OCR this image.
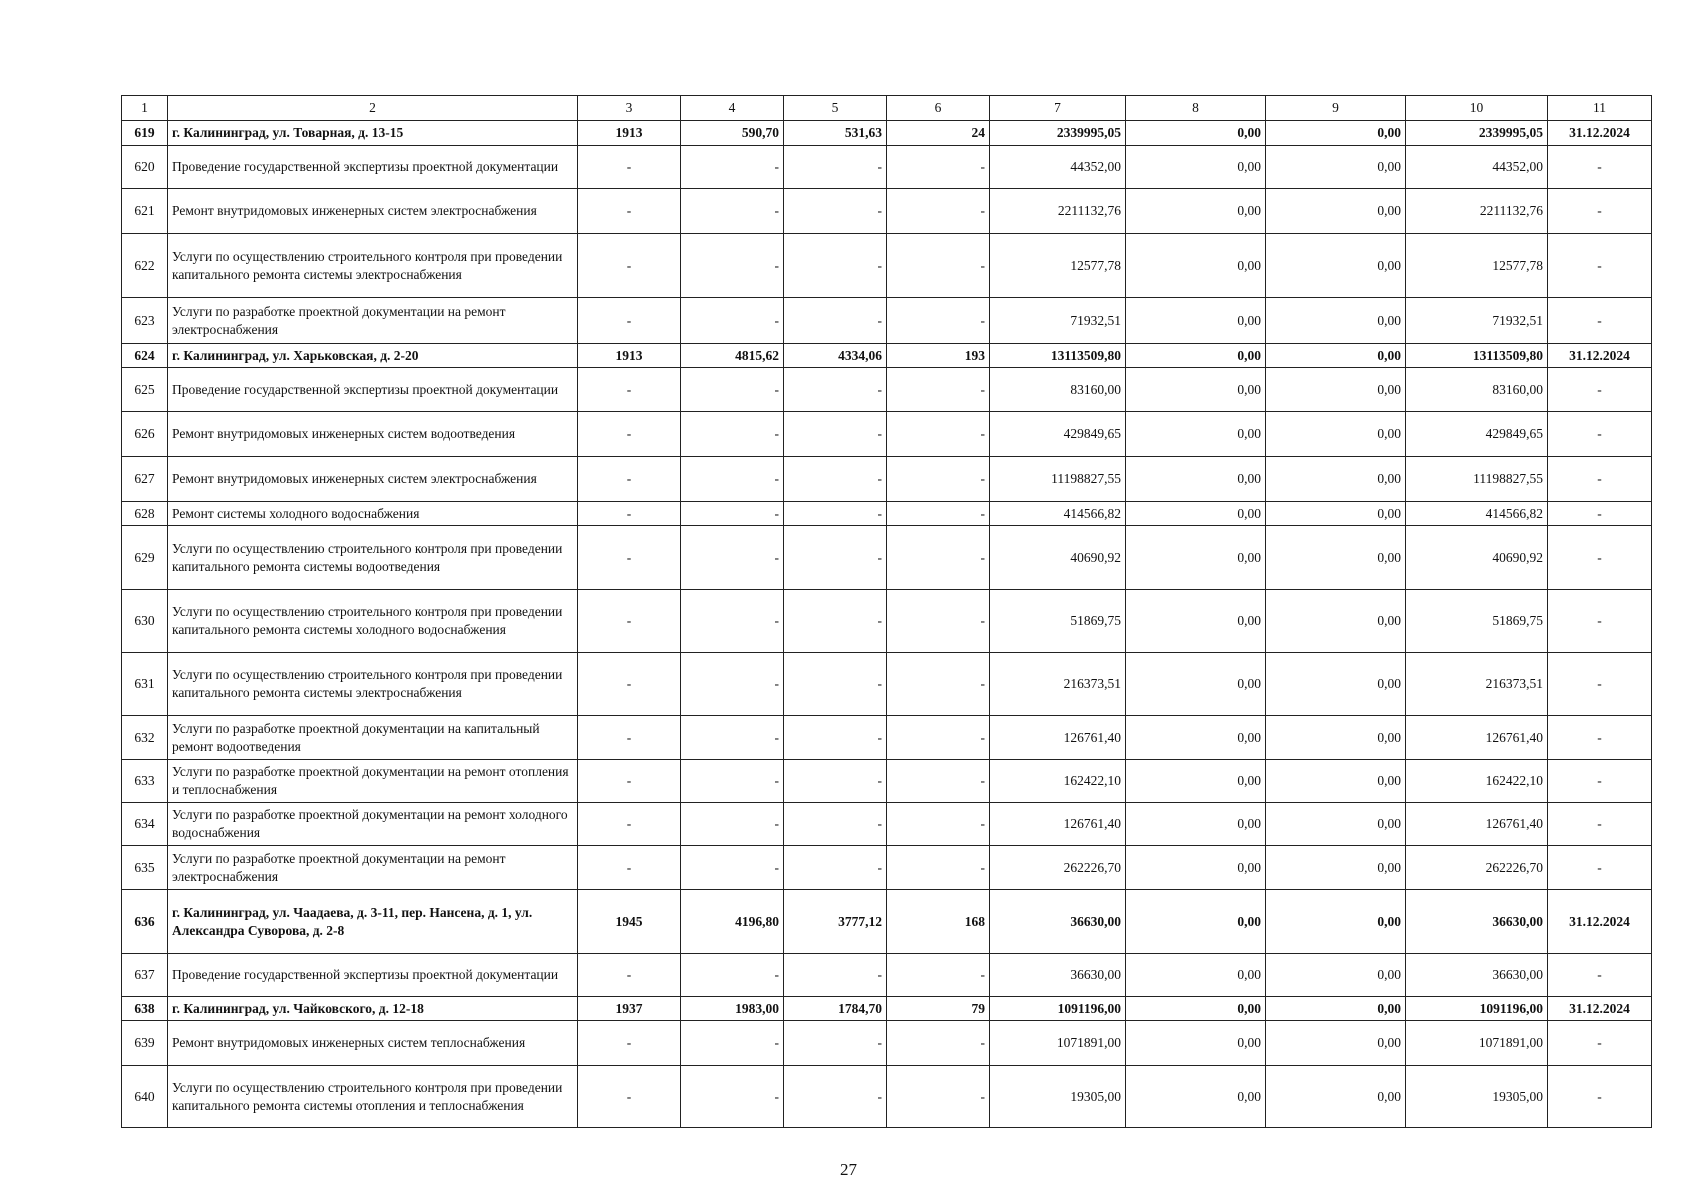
1	2	3	4	5	6	7	8	9	10	11
619	г. Калининград, ул. Товарная, д. 13-15	1913	590,70	531,63	24	2339995,05	0,00	0,00	2339995,05	31.12.2024
620	Проведение государственной экспертизы проектной документации	-	-	-	-	44352,00	0,00	0,00	44352,00	-
621	Ремонт внутридомовых инженерных систем электроснабжения	-	-	-	-	2211132,76	0,00	0,00	2211132,76	-
622	Услуги по осуществлению строительного контроля при проведении капитального ремонта системы электроснабжения	-	-	-	-	12577,78	0,00	0,00	12577,78	-
623	Услуги по разработке проектной документации на ремонт электроснабжения	-	-	-	-	71932,51	0,00	0,00	71932,51	-
624	г. Калининград, ул. Харьковская, д. 2-20	1913	4815,62	4334,06	193	13113509,80	0,00	0,00	13113509,80	31.12.2024
625	Проведение государственной экспертизы проектной документации	-	-	-	-	83160,00	0,00	0,00	83160,00	-
626	Ремонт внутридомовых инженерных систем водоотведения	-	-	-	-	429849,65	0,00	0,00	429849,65	-
627	Ремонт внутридомовых инженерных систем электроснабжения	-	-	-	-	11198827,55	0,00	0,00	11198827,55	-
628	Ремонт системы холодного водоснабжения	-	-	-	-	414566,82	0,00	0,00	414566,82	-
629	Услуги по осуществлению строительного контроля при проведении капитального ремонта системы водоотведения	-	-	-	-	40690,92	0,00	0,00	40690,92	-
630	Услуги по осуществлению строительного контроля при проведении капитального ремонта системы холодного водоснабжения	-	-	-	-	51869,75	0,00	0,00	51869,75	-
631	Услуги по осуществлению строительного контроля при проведении капитального ремонта системы электроснабжения	-	-	-	-	216373,51	0,00	0,00	216373,51	-
632	Услуги по разработке проектной документации на капитальный ремонт водоотведения	-	-	-	-	126761,40	0,00	0,00	126761,40	-
633	Услуги по разработке проектной документации на ремонт отопления и теплоснабжения	-	-	-	-	162422,10	0,00	0,00	162422,10	-
634	Услуги по разработке проектной документации на ремонт холодного водоснабжения	-	-	-	-	126761,40	0,00	0,00	126761,40	-
635	Услуги по разработке проектной документации на ремонт электроснабжения	-	-	-	-	262226,70	0,00	0,00	262226,70	-
636	г. Калининград, ул. Чаадаева, д. 3-11, пер. Нансена, д. 1, ул. Александра Суворова, д. 2-8	1945	4196,80	3777,12	168	36630,00	0,00	0,00	36630,00	31.12.2024
637	Проведение государственной экспертизы проектной документации	-	-	-	-	36630,00	0,00	0,00	36630,00	-
638	г. Калининград, ул. Чайковского, д. 12-18	1937	1983,00	1784,70	79	1091196,00	0,00	0,00	1091196,00	31.12.2024
639	Ремонт внутридомовых инженерных систем теплоснабжения	-	-	-	-	1071891,00	0,00	0,00	1071891,00	-
640	Услуги по осуществлению строительного контроля при проведении капитального ремонта системы отопления и теплоснабжения	-	-	-	-	19305,00	0,00	0,00	19305,00	-
27
